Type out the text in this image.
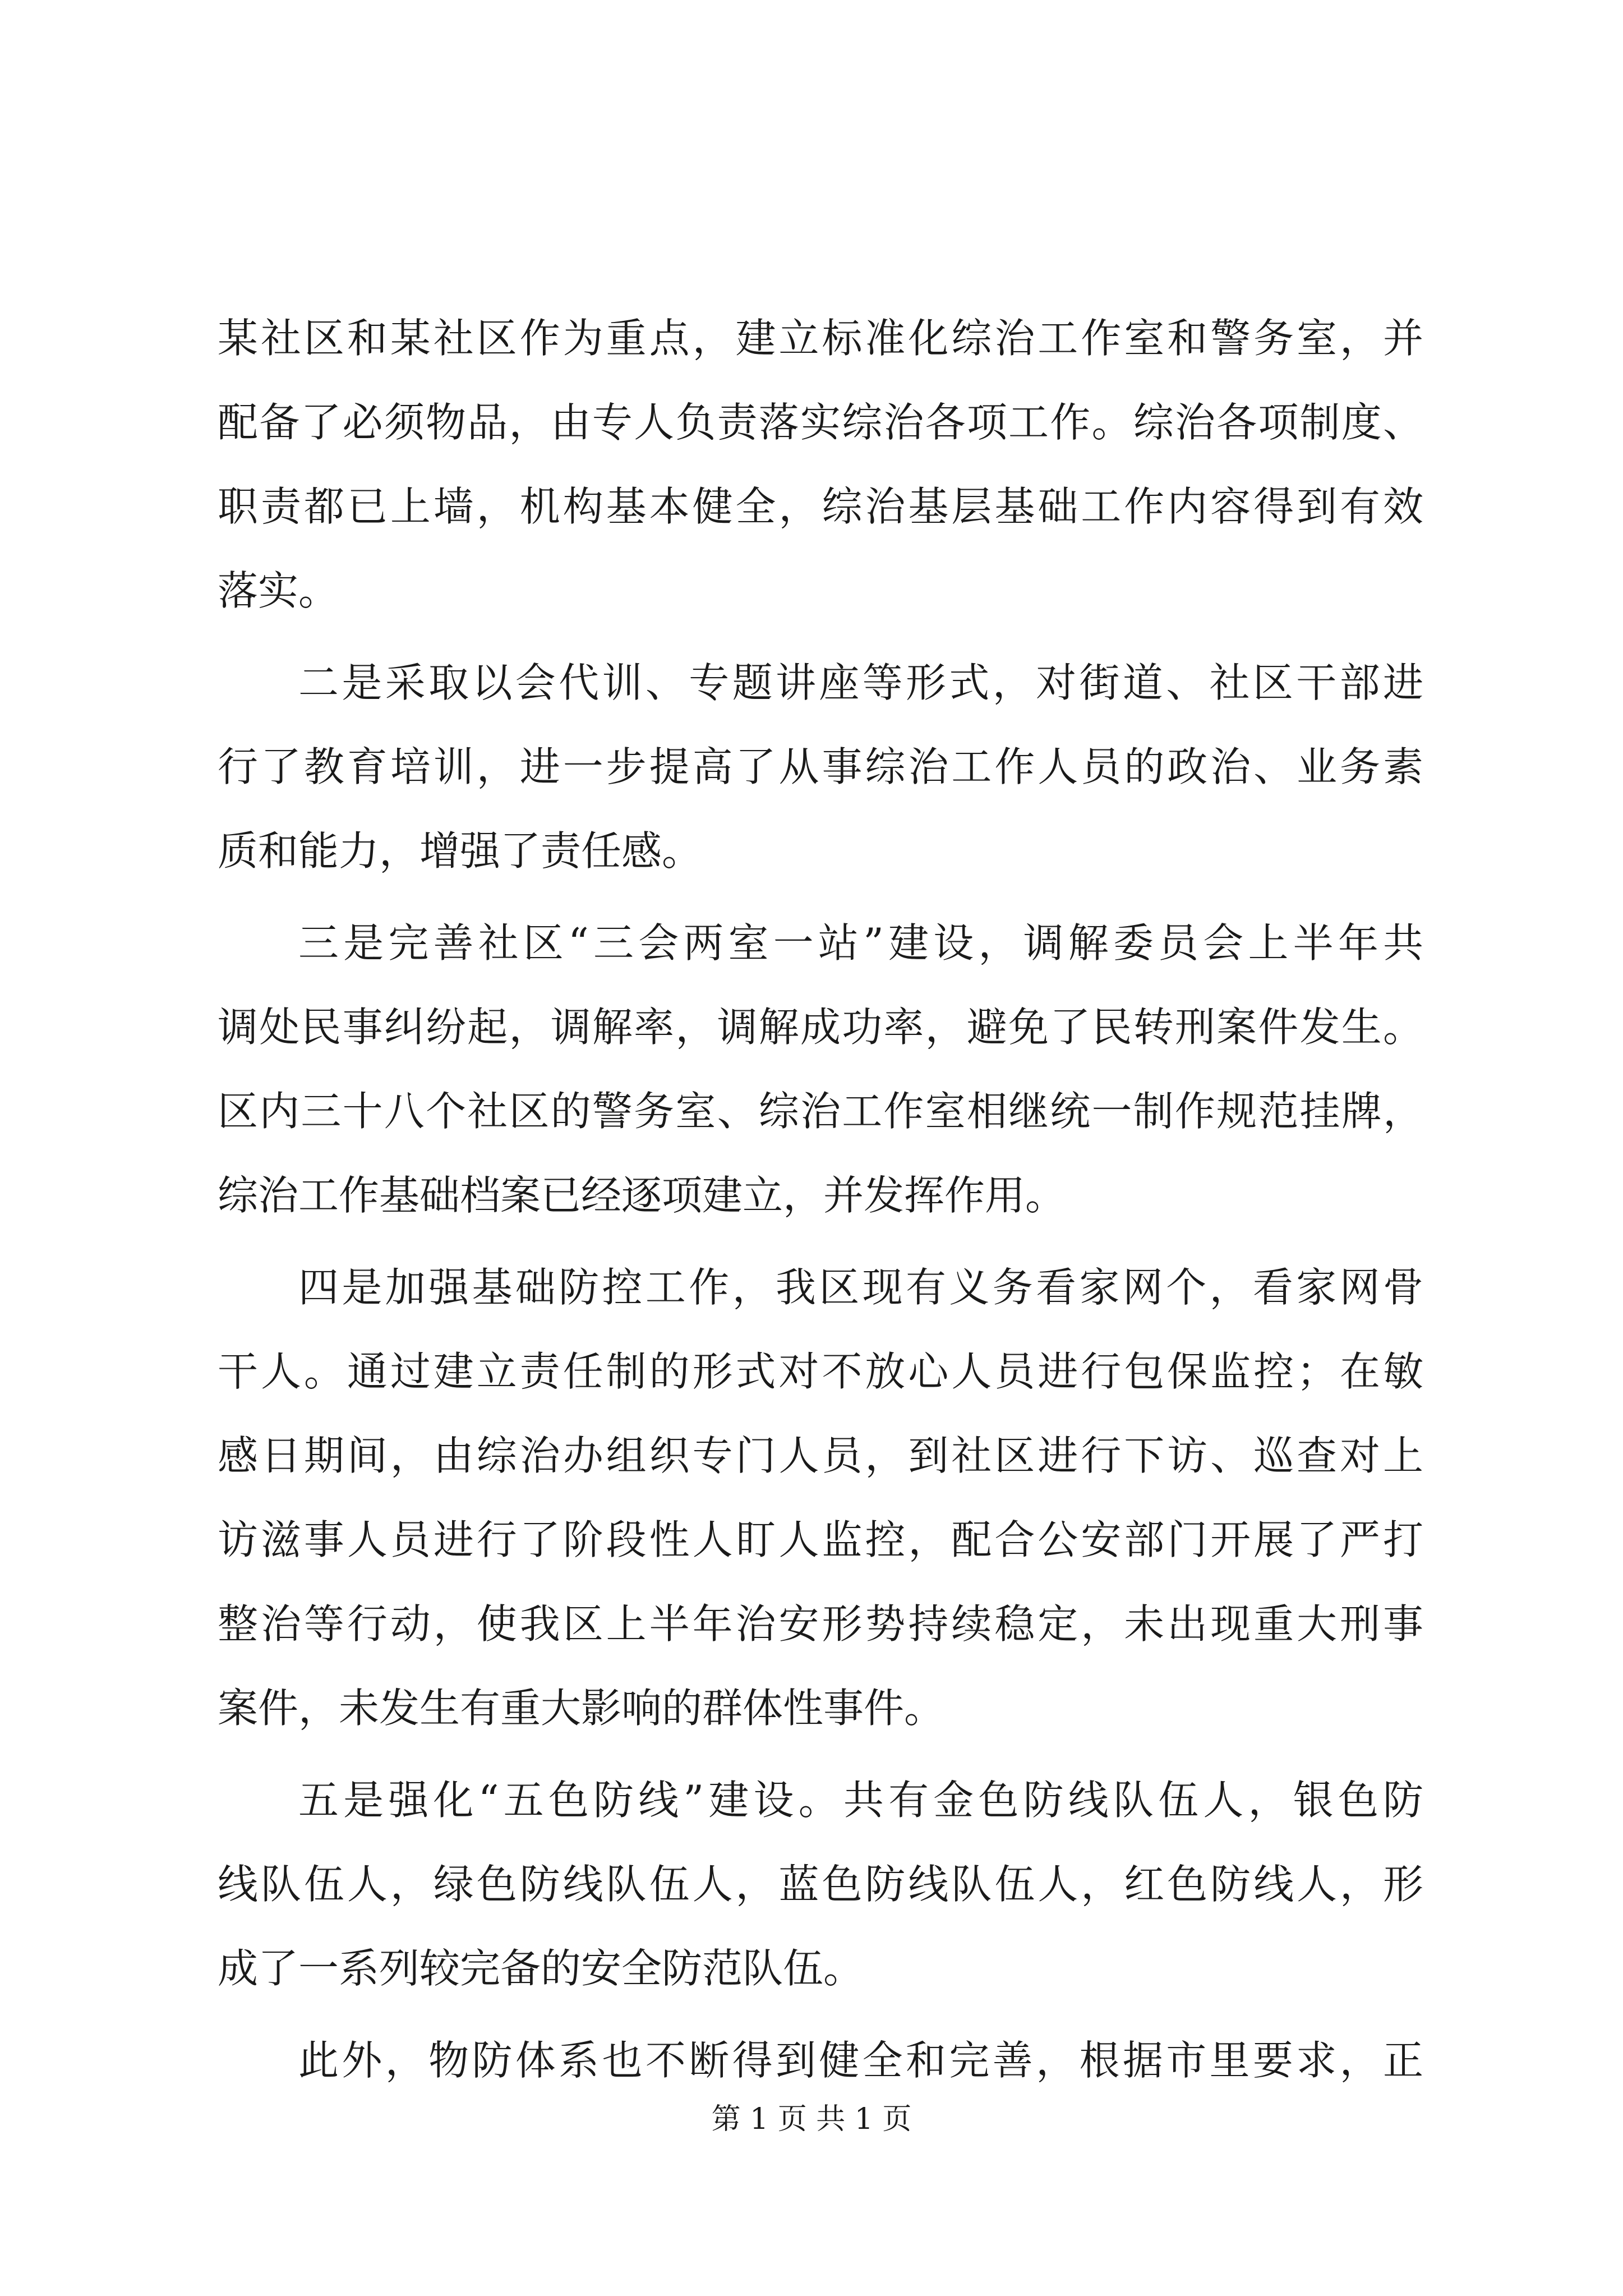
某社区和某社区作为重点，建立标准化综治工作室和警务室，并
配备了必须物品，由专人负责落实综治各项工作。综治各项制度、
职责都已上墙，机构基本健全，综治基层基础工作内容得到有效
落实。
二是采取以会代训、专题讲座等形式，对街道、社区干部进
行了教育培训，进一步提高了从事综治工作人员的政治、业务素
质和能力，增强了责任感。
三是完善社区“三会两室一站”建设，调解委员会上半年共
调处民事纠纷起，调解率，调解成功率，避免了民转刑案件发生。
区内三十八个社区的警务室、综治工作室相继统一制作规范挂牌，
综治工作基础档案已经逐项建立，并发挥作用。
四是加强基础防控工作，我区现有义务看家网个，看家网骨
干人。通过建立责任制的形式对不放心人员进行包保监控；在敏
感日期间，由综治办组织专门人员，到社区进行下访、巡查对上
访滋事人员进行了阶段性人盯人监控，配合公安部门开展了严打
整治等行动，使我区上半年治安形势持续稳定，未出现重大刑事
案件，未发生有重大影响的群体性事件。
五是强化“五色防线”建设。共有金色防线队伍人，银色防
线队伍人，绿色防线队伍人，蓝色防线队伍人，红色防线人，形
成了一系列较完备的安全防范队伍。
此外，物防体系也不断得到健全和完善，根据市里要求，正
第 1 页 共 1 页
